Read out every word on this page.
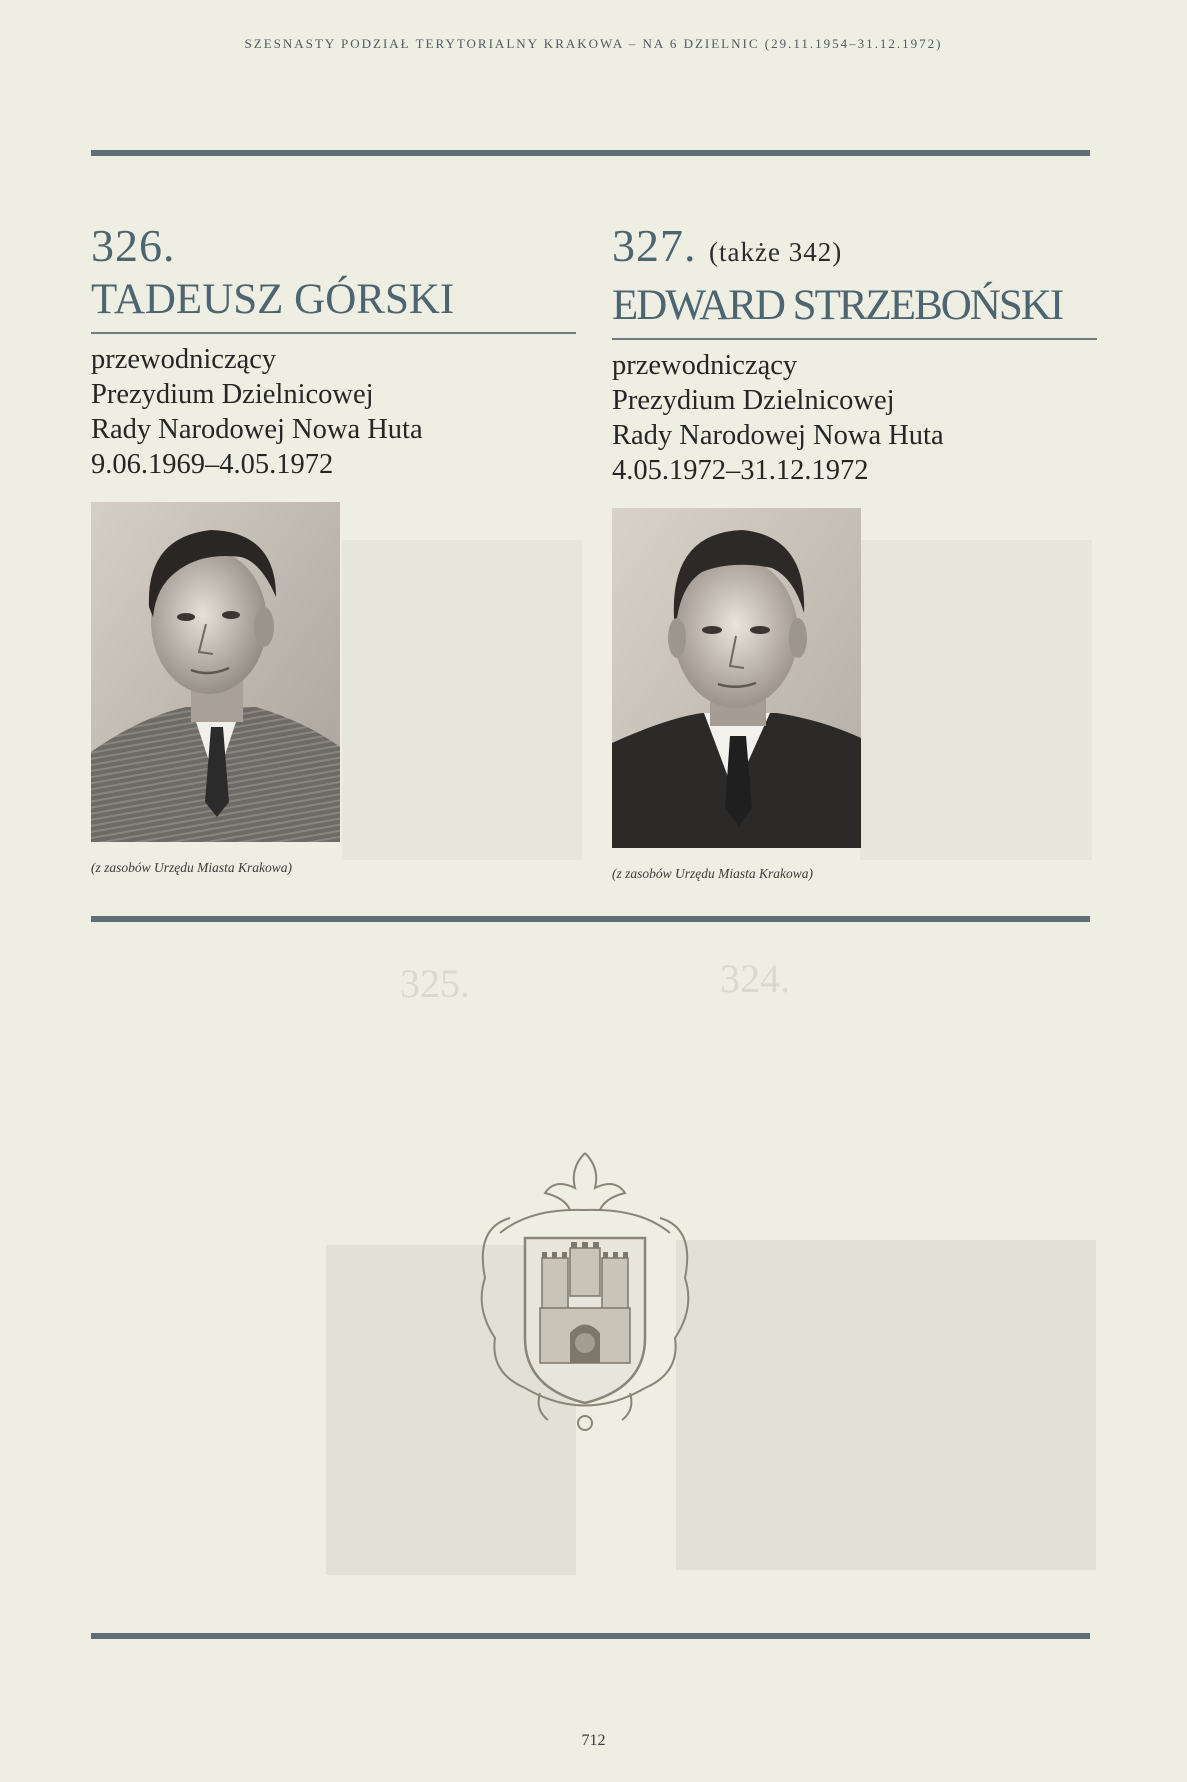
SZESNASTY PODZIAŁ TERYTORIALNY KRAKOWA – NA 6 DZIELNIC (29.11.1954–31.12.1972)
324.
325.
326.
TADEUSZ GÓRSKI
przewodniczący
Prezydium Dzielnicowej
Rady Narodowej Nowa Huta
9.06.1969–4.05.1972
(z zasobów Urzędu Miasta Krakowa)
327. (także 342)
EDWARD STRZEBOŃSKI
przewodniczący
Prezydium Dzielnicowej
Rady Narodowej Nowa Huta
4.05.1972–31.12.1972
(z zasobów Urzędu Miasta Krakowa)
712
